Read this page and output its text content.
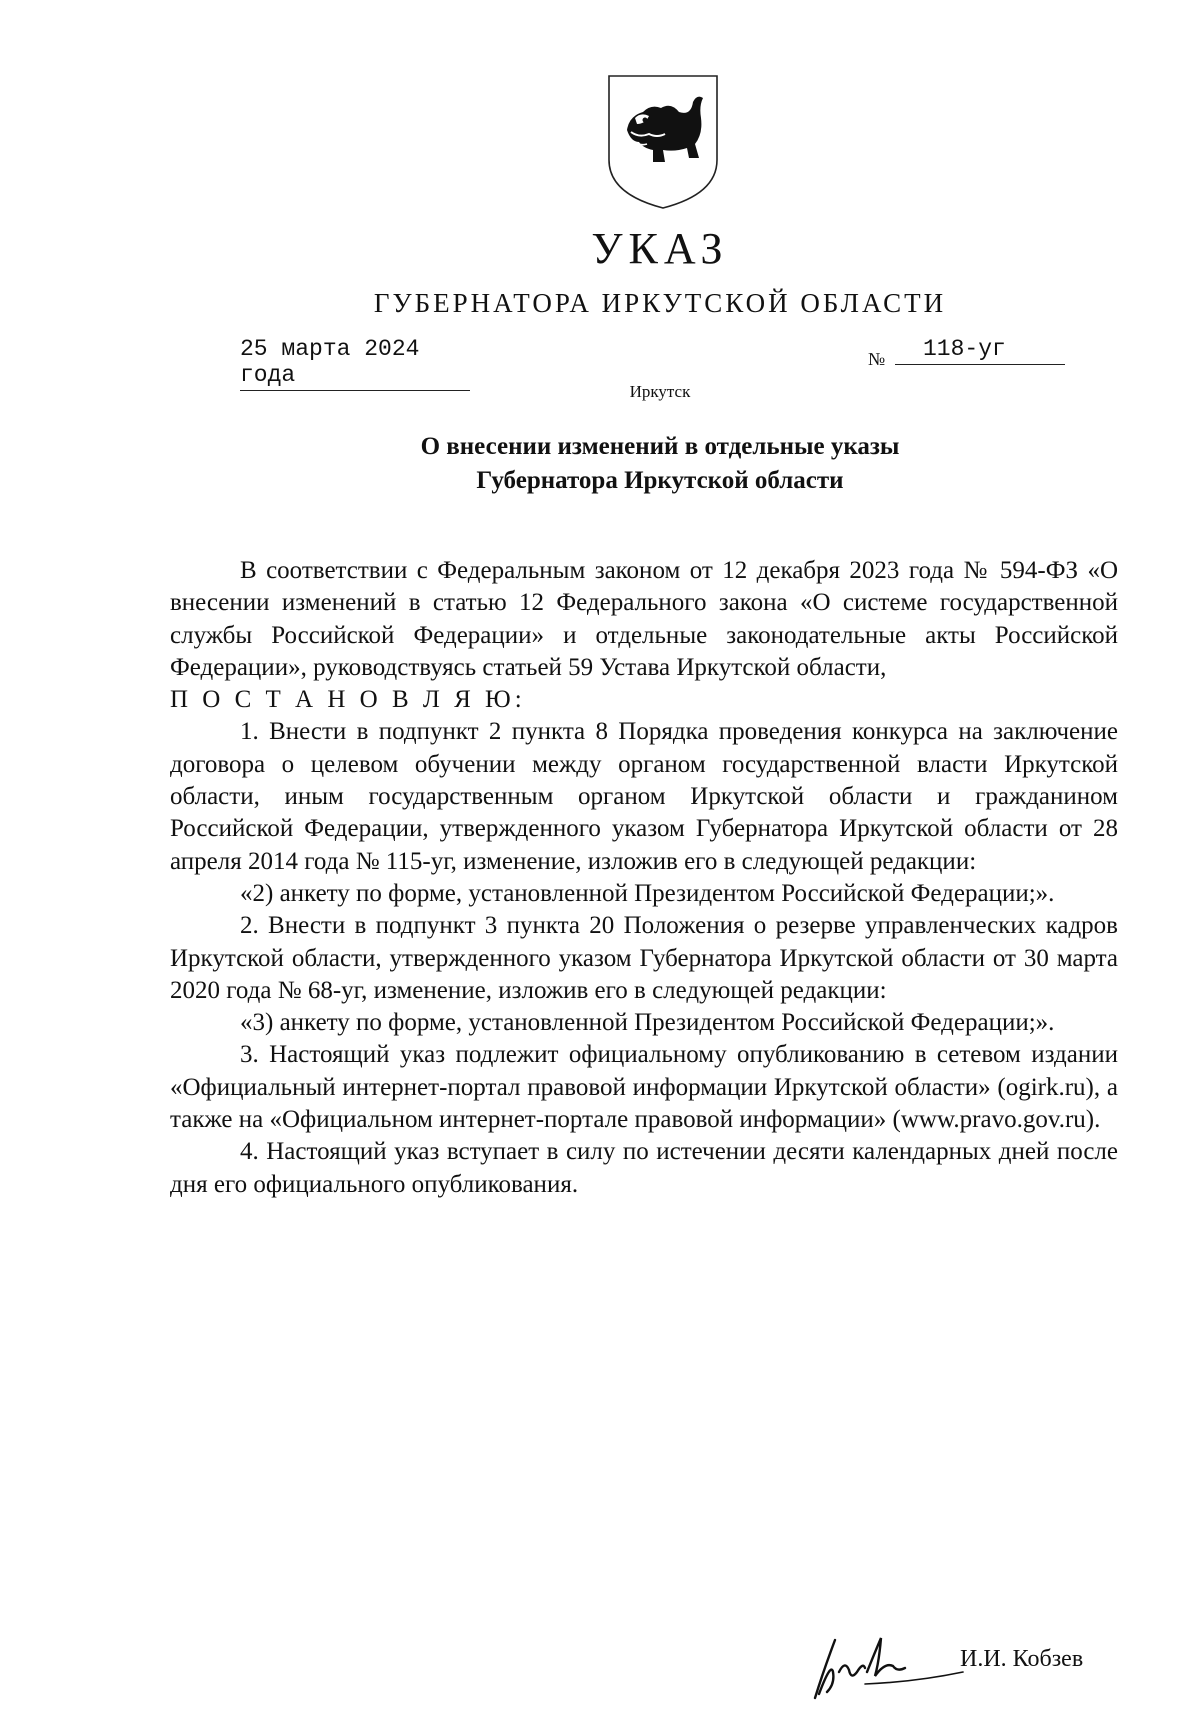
УКАЗ
ГУБЕРНАТОРА ИРКУТСКОЙ ОБЛАСТИ
25 марта 2024 года
№	118-уг
Иркутск
О внесении изменений в отдельные указы
Губернатора Иркутской области

В соответствии с Федеральным законом от 12 декабря 2023 года № 594-ФЗ «О внесении изменений в статью 12 Федерального закона «О системе государственной службы Российской Федерации» и отдельные законодательные акты Российской Федерации», руководствуясь статьей 59 Устава Иркутской области,

П О С Т А Н О В Л Я Ю:

1. Внести в подпункт 2 пункта 8 Порядка проведения конкурса на заключение договора о целевом обучении между органом государственной власти Иркутской области, иным государственным органом Иркутской области и гражданином Российской Федерации, утвержденного указом Губернатора Иркутской области от 28 апреля 2014 года № 115-уг, изменение, изложив его в следующей редакции:

«2) анкету по форме, установленной Президентом Российской Федерации;».

2. Внести в подпункт 3 пункта 20 Положения о резерве управленческих кадров Иркутской области, утвержденного указом Губернатора Иркутской области от 30 марта 2020 года № 68-уг, изменение, изложив его в следующей редакции:

«3) анкету по форме, установленной Президентом Российской Федерации;».

3. Настоящий указ подлежит официальному опубликованию в сетевом издании «Официальный интернет-портал правовой информации Иркутской области» (ogirk.ru), а также на «Официальном интернет-портале правовой информации» (www.pravo.gov.ru).

4. Настоящий указ вступает в силу по истечении десяти календарных дней после дня его официального опубликования.

И.И. Кобзев
